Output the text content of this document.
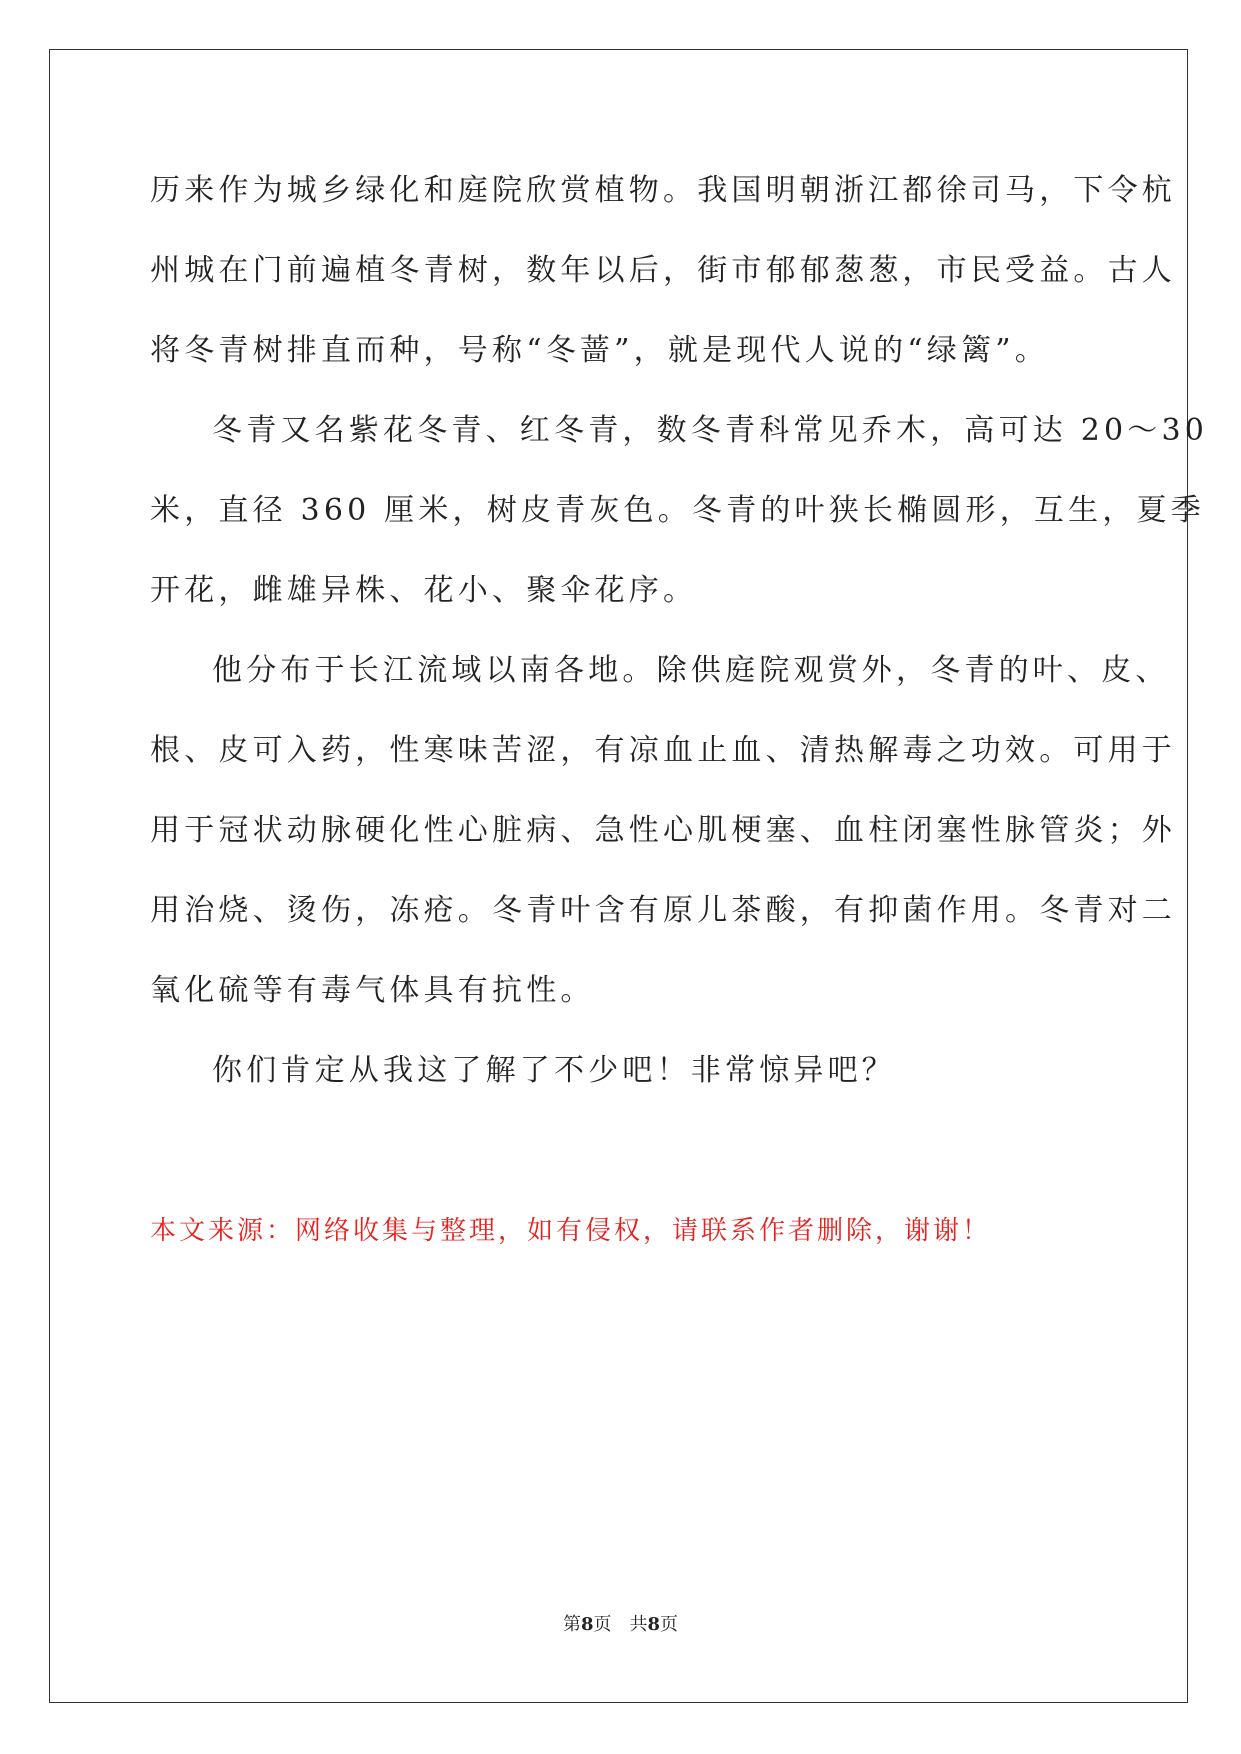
历来作为城乡绿化和庭院欣赏植物。我国明朝浙江都徐司马，下令杭
州城在门前遍植冬青树，数年以后，街市郁郁葱葱，市民受益。古人
将冬青树排直而种，号称“冬蔷”，就是现代人说的“绿篱”。
冬青又名紫花冬青、红冬青，数冬青科常见乔木，高可达 20～30
米，直径 360 厘米，树皮青灰色。冬青的叶狭长椭圆形，互生，夏季
开花，雌雄异株、花小、聚伞花序。
他分布于长江流域以南各地。除供庭院观赏外，冬青的叶、皮、
根、皮可入药，性寒味苦涩，有凉血止血、清热解毒之功效。可用于
用于冠状动脉硬化性心脏病、急性心肌梗塞、血柱闭塞性脉管炎；外
用治烧、烫伤，冻疮。冬青叶含有原儿茶酸，有抑菌作用。冬青对二
氧化硫等有毒气体具有抗性。
你们肯定从我这了解了不少吧！非常惊异吧？
本文来源：网络收集与整理，如有侵权，请联系作者删除，谢谢！
第8页　共8页
